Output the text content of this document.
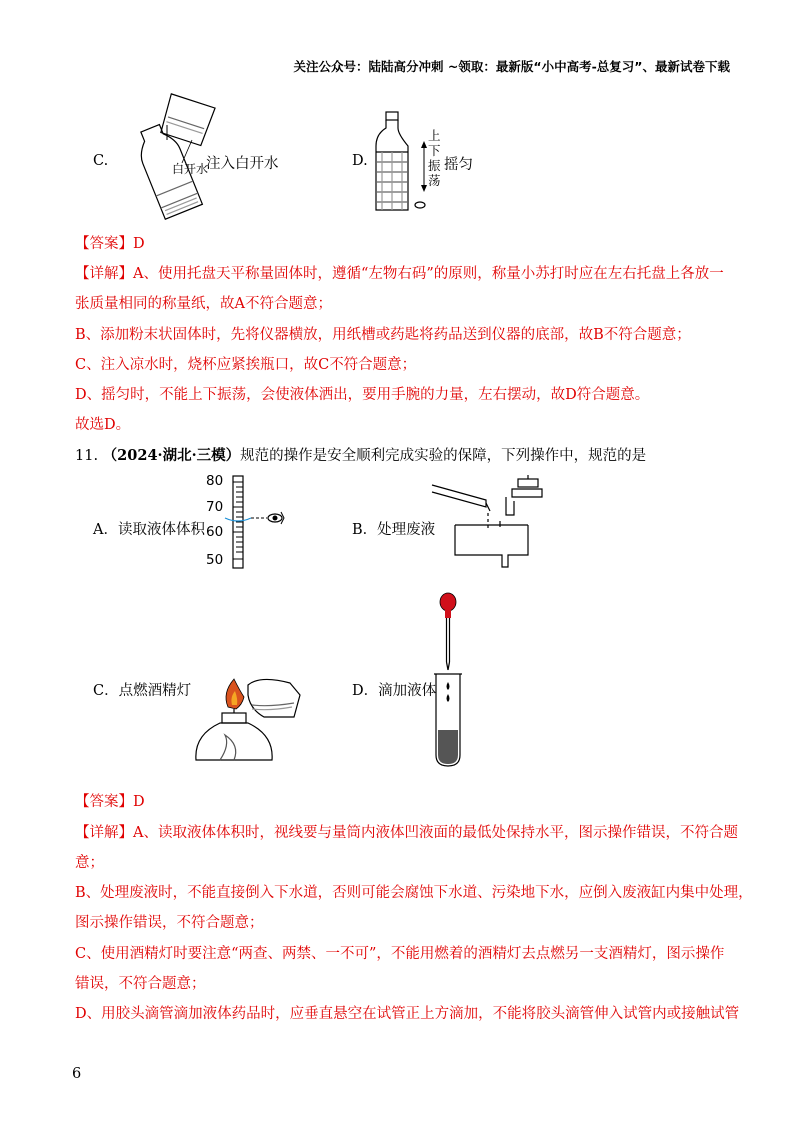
关注公众号：陆陆高分冲刺 ~领取：最新版“小中高考-总复习”、最新试卷下载
C.	白开水
注入白开水	D.
上
下
振
荡
摇匀
【答案】D
【详解】A、使用托盘天平称量固体时，遵循“左物右码”的原则，称量小苏打时应在左右托盘上各放一
张质量相同的称量纸，故A不符合题意；
B、添加粉末状固体时，先将仪器横放，用纸槽或药匙将药品送到仪器的底部，故B不符合题意；
C、注入凉水时，烧杯应紧挨瓶口，故C不符合题意；
D、摇匀时，不能上下振荡，会使液体洒出，要用手腕的力量，左右摆动，故D符合题意。
故选D。
11. （2024·湖北·三模）规范的操作是安全顺利完成实验的保障，下列操作中，规范的是
A．读取液体体积
80
70
60
50
B．处理废液
C．点燃酒精灯	D．滴加液体
【答案】D
【详解】A、读取液体体积时，视线要与量筒内液体凹液面的最低处保持水平，图示操作错误，不符合题
意；
B、处理废液时，不能直接倒入下水道，否则可能会腐蚀下水道、污染地下水，应倒入废液缸内集中处理，
图示操作错误，不符合题意；
C、使用酒精灯时要注意“两查、两禁、一不可”，不能用燃着的酒精灯去点燃另一支酒精灯，图示操作
错误，不符合题意；
D、用胶头滴管滴加液体药品时，应垂直悬空在试管正上方滴加，不能将胶头滴管伸入试管内或接触试管
6
